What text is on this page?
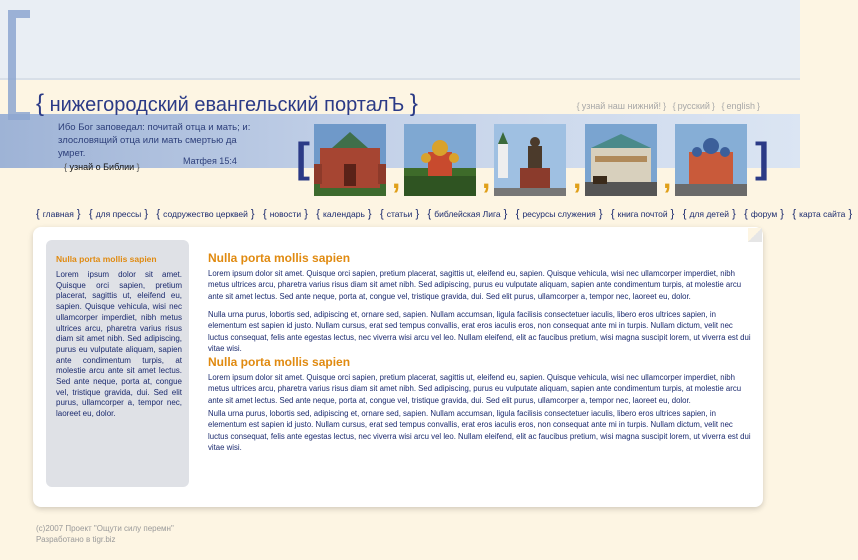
{ нижегородский евангельский порталЪ }	{ узнай наш нижний! } { русский } { english }
Ибо Бог заповедал: почитай отца и мать; и: злословящий отца или мать смертью да умрет.
Матфея 15:4
{ узнай о Библии }	[	]
,	,	,	,
{ главная } { для прессы } { содружество церквей } { новости } { календарь } { статьи } { библейская Лига } { ресурсы служения } { книга почтой } { для детей } { форум } { карта сайта }
Nulla porta mollis sapien
Lorem ipsum dolor sit amet. Quisque orci sapien, pretium placerat, sagittis ut, eleifend eu, sapien. Quisque vehicula, wisi nec ullamcorper imperdiet, nibh metus ultrices arcu, pharetra varius risus diam sit amet nibh. Sed adipiscing, purus eu vulputate aliquam, sapien ante condimentum turpis, at molestie arcu ante sit amet lectus. Sed ante neque, porta at, congue vel, tristique gravida, dui. Sed elit purus, ullamcorper a, tempor nec, laoreet eu, dolor.
Nulla porta mollis sapien
Lorem ipsum dolor sit amet. Quisque orci sapien, pretium placerat, sagittis ut, eleifend eu, sapien. Quisque vehicula, wisi nec ullamcorper imperdiet, nibh metus ultrices arcu, pharetra varius risus diam sit amet nibh. Sed adipiscing, purus eu vulputate aliquam, sapien ante condimentum turpis, at molestie arcu ante sit amet lectus. Sed ante neque, porta at, congue vel, tristique gravida, dui. Sed elit purus, ullamcorper a, tempor nec, laoreet eu, dolor.
Nulla urna purus, lobortis sed, adipiscing et, ornare sed, sapien. Nullam accumsan, ligula facilisis consectetuer iaculis, libero eros ultrices sapien, in elementum est sapien id justo. Nullam cursus, erat sed tempus convallis, erat eros iaculis eros, non consequat ante mi in turpis. Nullam dictum, velit nec luctus consequat, felis ante egestas lectus, nec viverra wisi arcu vel leo. Nullam eleifend, elit ac faucibus pretium, wisi magna suscipit lorem, ut viverra est dui vitae wisi.
Nulla porta mollis sapien
Lorem ipsum dolor sit amet. Quisque orci sapien, pretium placerat, sagittis ut, eleifend eu, sapien. Quisque vehicula, wisi nec ullamcorper imperdiet, nibh metus ultrices arcu, pharetra varius risus diam sit amet nibh. Sed adipiscing, purus eu vulputate aliquam, sapien ante condimentum turpis, at molestie arcu ante sit amet lectus. Sed ante neque, porta at, congue vel, tristique gravida, dui. Sed elit purus, ullamcorper a, tempor nec, laoreet eu, dolor.
Nulla urna purus, lobortis sed, adipiscing et, ornare sed, sapien. Nullam accumsan, ligula facilisis consectetuer iaculis, libero eros ultrices sapien, in elementum est sapien id justo. Nullam cursus, erat sed tempus convallis, erat eros iaculis eros, non consequat ante mi in turpis. Nullam dictum, velit nec luctus consequat, felis ante egestas lectus, nec viverra wisi arcu vel leo. Nullam eleifend, elit ac faucibus pretium, wisi magna suscipit lorem, ut viverra est dui vitae wisi.
(c)2007 Проект "Ощути силу перемн"
Разработано в tigr.biz
